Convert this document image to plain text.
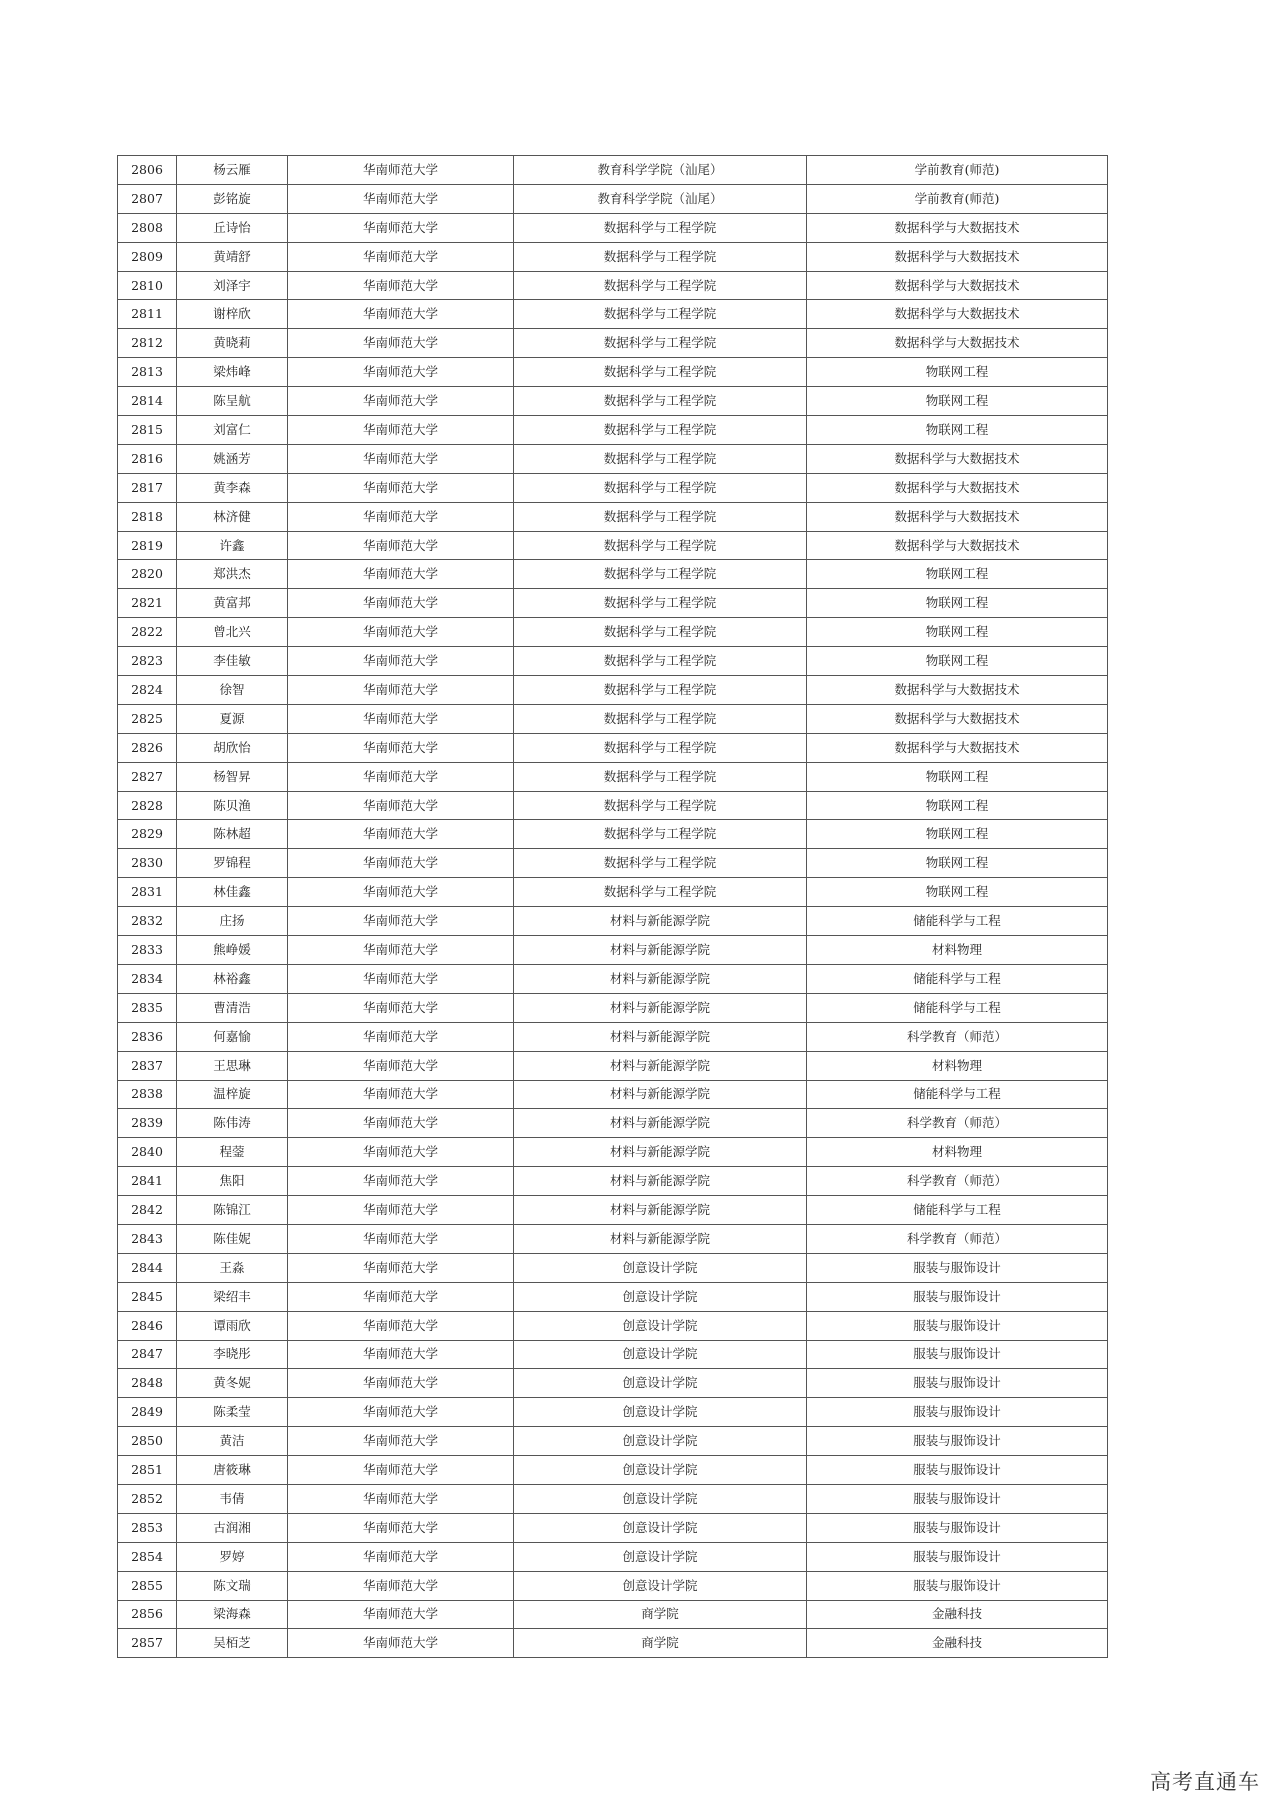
2806	杨云雁	华南师范大学	教育科学学院（汕尾）	学前教育(师范)
2807	彭铭旋	华南师范大学	教育科学学院（汕尾）	学前教育(师范)
2808	丘诗怡	华南师范大学	数据科学与工程学院	数据科学与大数据技术
2809	黄靖舒	华南师范大学	数据科学与工程学院	数据科学与大数据技术
2810	刘泽宇	华南师范大学	数据科学与工程学院	数据科学与大数据技术
2811	谢梓欣	华南师范大学	数据科学与工程学院	数据科学与大数据技术
2812	黄晓莉	华南师范大学	数据科学与工程学院	数据科学与大数据技术
2813	梁炜峰	华南师范大学	数据科学与工程学院	物联网工程
2814	陈呈航	华南师范大学	数据科学与工程学院	物联网工程
2815	刘富仁	华南师范大学	数据科学与工程学院	物联网工程
2816	姚涵芳	华南师范大学	数据科学与工程学院	数据科学与大数据技术
2817	黄李森	华南师范大学	数据科学与工程学院	数据科学与大数据技术
2818	林济健	华南师范大学	数据科学与工程学院	数据科学与大数据技术
2819	许鑫	华南师范大学	数据科学与工程学院	数据科学与大数据技术
2820	郑洪杰	华南师范大学	数据科学与工程学院	物联网工程
2821	黄富邦	华南师范大学	数据科学与工程学院	物联网工程
2822	曾北兴	华南师范大学	数据科学与工程学院	物联网工程
2823	李佳敏	华南师范大学	数据科学与工程学院	物联网工程
2824	徐智	华南师范大学	数据科学与工程学院	数据科学与大数据技术
2825	夏源	华南师范大学	数据科学与工程学院	数据科学与大数据技术
2826	胡欣怡	华南师范大学	数据科学与工程学院	数据科学与大数据技术
2827	杨智昇	华南师范大学	数据科学与工程学院	物联网工程
2828	陈贝渔	华南师范大学	数据科学与工程学院	物联网工程
2829	陈林超	华南师范大学	数据科学与工程学院	物联网工程
2830	罗锦程	华南师范大学	数据科学与工程学院	物联网工程
2831	林佳鑫	华南师范大学	数据科学与工程学院	物联网工程
2832	庄扬	华南师范大学	材料与新能源学院	储能科学与工程
2833	熊峥媛	华南师范大学	材料与新能源学院	材料物理
2834	林裕鑫	华南师范大学	材料与新能源学院	储能科学与工程
2835	曹清浩	华南师范大学	材料与新能源学院	储能科学与工程
2836	何嘉愉	华南师范大学	材料与新能源学院	科学教育（师范）
2837	王思琳	华南师范大学	材料与新能源学院	材料物理
2838	温梓旋	华南师范大学	材料与新能源学院	储能科学与工程
2839	陈伟涛	华南师范大学	材料与新能源学院	科学教育（师范）
2840	程蓥	华南师范大学	材料与新能源学院	材料物理
2841	焦阳	华南师范大学	材料与新能源学院	科学教育（师范）
2842	陈锦江	华南师范大学	材料与新能源学院	储能科学与工程
2843	陈佳妮	华南师范大学	材料与新能源学院	科学教育（师范）
2844	王淼	华南师范大学	创意设计学院	服装与服饰设计
2845	梁绍丰	华南师范大学	创意设计学院	服装与服饰设计
2846	谭雨欣	华南师范大学	创意设计学院	服装与服饰设计
2847	李晓彤	华南师范大学	创意设计学院	服装与服饰设计
2848	黄冬妮	华南师范大学	创意设计学院	服装与服饰设计
2849	陈柔莹	华南师范大学	创意设计学院	服装与服饰设计
2850	黄洁	华南师范大学	创意设计学院	服装与服饰设计
2851	唐筱琳	华南师范大学	创意设计学院	服装与服饰设计
2852	韦倩	华南师范大学	创意设计学院	服装与服饰设计
2853	古润湘	华南师范大学	创意设计学院	服装与服饰设计
2854	罗婷	华南师范大学	创意设计学院	服装与服饰设计
2855	陈文瑞	华南师范大学	创意设计学院	服装与服饰设计
2856	梁海森	华南师范大学	商学院	金融科技
2857	吴栢芝	华南师范大学	商学院	金融科技
高考直通车
